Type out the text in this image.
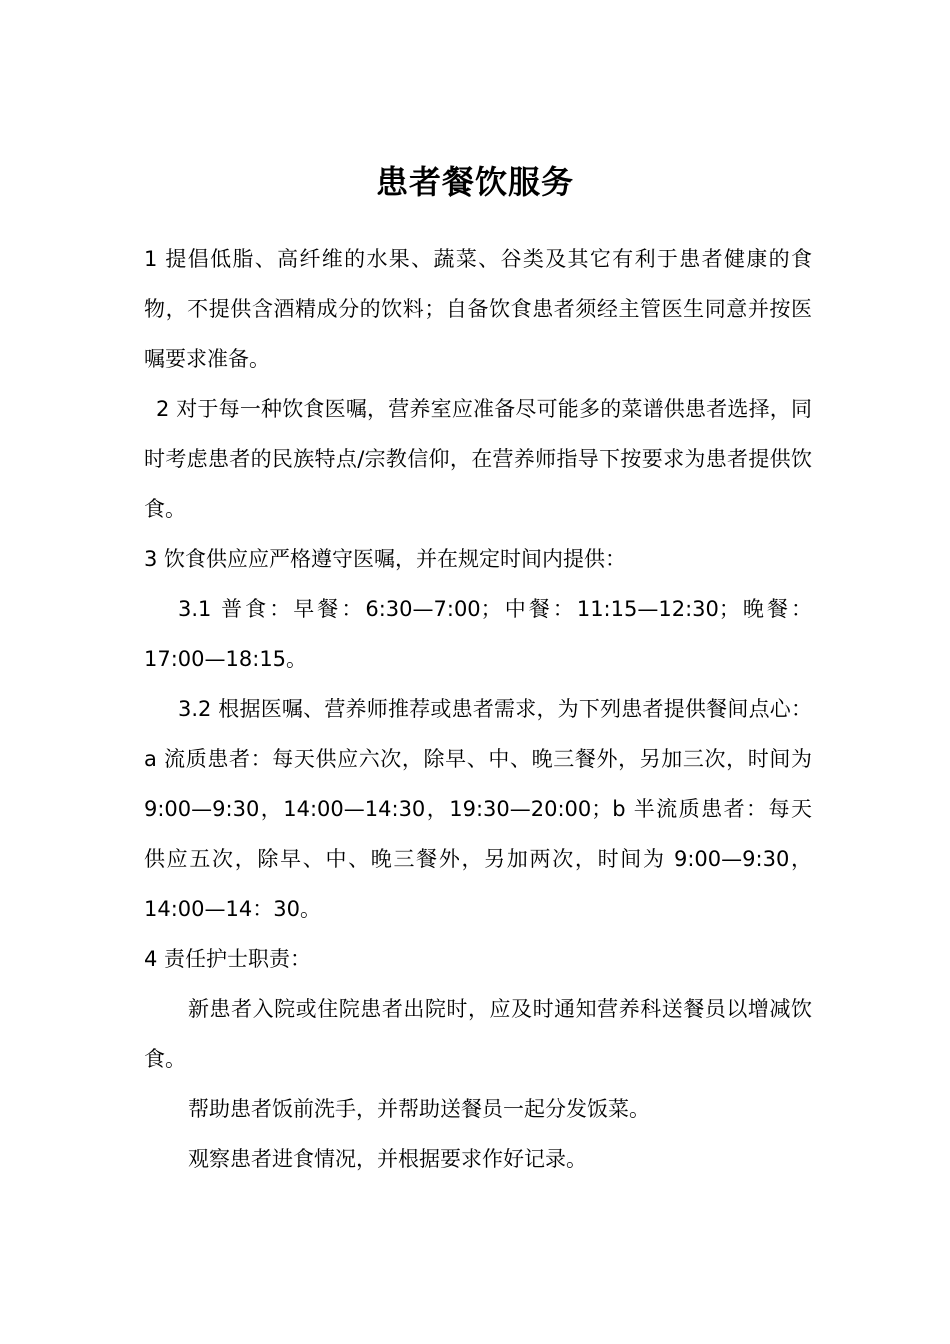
患者餐饮服务

1 提倡低脂、高纤维的水果、蔬菜、谷类及其它有利于患者健康的食物，不提供含酒精成分的饮料；自备饮食患者须经主管医生同意并按医嘱要求准备。

2 对于每一种饮食医嘱，营养室应准备尽可能多的菜谱供患者选择，同时考虑患者的民族特点/宗教信仰，在营养师指导下按要求为患者提供饮食。

3 饮食供应应严格遵守医嘱，并在规定时间内提供：

3.1 普食：早餐：6:30—7:00；中餐：11:15—12:30；晚餐：17:00—18:15。

3.2 根据医嘱、营养师推荐或患者需求，为下列患者提供餐间点心： a 流质患者：每天供应六次，除早、中、晚三餐外，另加三次，时间为 9:00—9:30，14:00—14:30，19:30—20:00；b 半流质患者：每天供应五次，除早、中、晚三餐外，另加两次，时间为 9:00—9:30，14:00—14：30。

4 责任护士职责：

新患者入院或住院患者出院时，应及时通知营养科送餐员以增减饮食。

帮助患者饭前洗手，并帮助送餐员一起分发饭菜。

观察患者进食情况，并根据要求作好记录。
